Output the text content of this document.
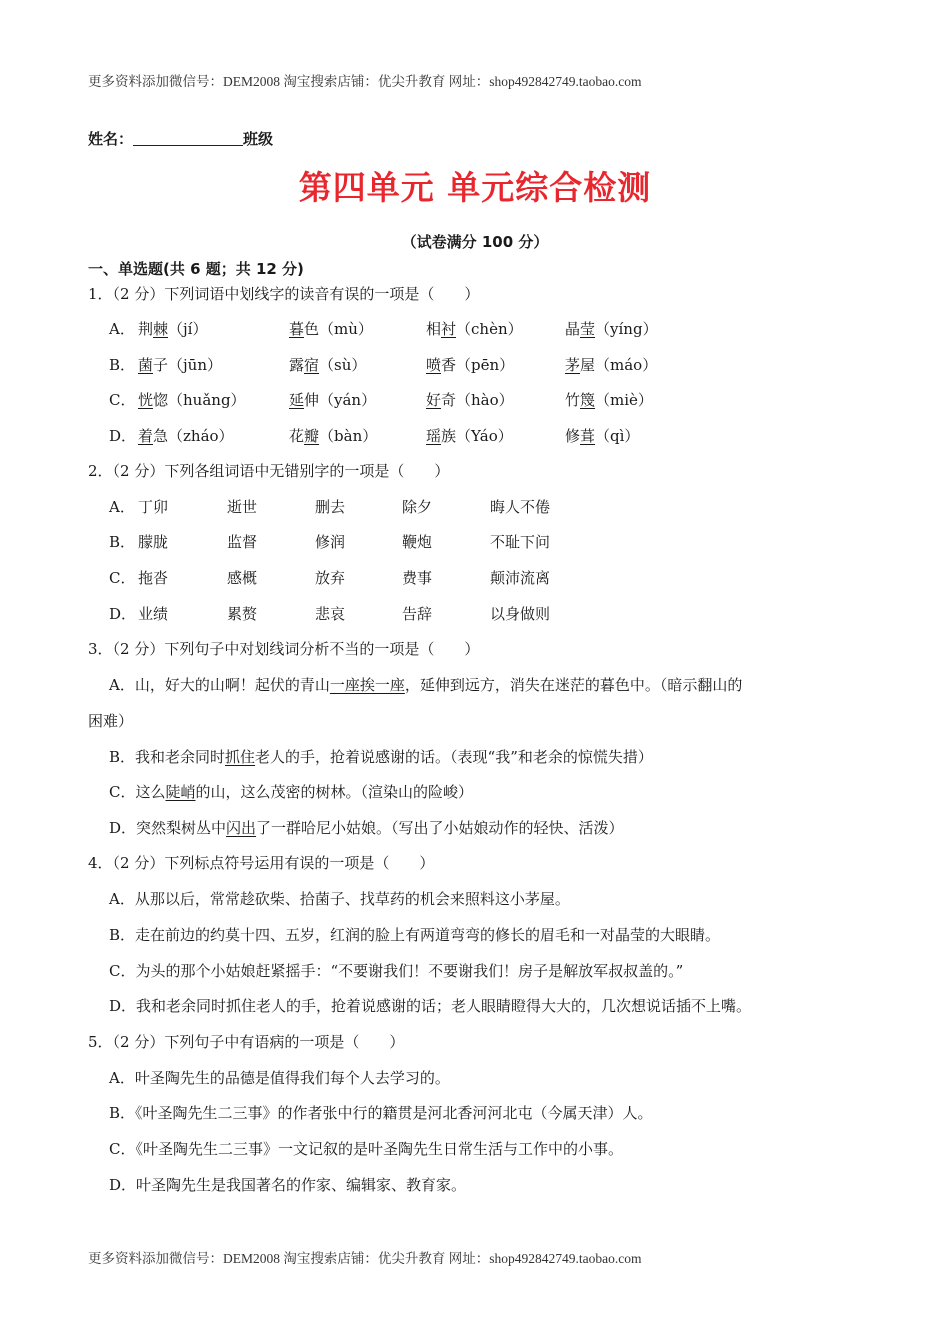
更多资料添加微信号：DEM2008 淘宝搜索店铺：优尖升教育 网址：shop492842749.taobao.com
姓名：	班级
第四单元 单元综合检测
（试卷满分 100 分）
一、单选题(共 6 题；共 12 分)
1．（2 分）下列词语中划线字的读音有误的一项是（　　）
A． 荆棘（jí）	暮色（mù）	相衬（chèn）	晶莹（yíng）
B． 菌子（jūn）	露宿（sù）	喷香（pēn）	茅屋（máo）
C． 恍惚（huǎng）	延伸（yán）	好奇（hào）	竹篾（miè）
D． 着急（zháo）	花瓣（bàn）	瑶族（Yáo）	修葺（qì）
2．（2 分）下列各组词语中无错别字的一项是（　　）
A． 丁卯	逝世	删去	除夕	晦人不倦
B． 朦胧	监督	修润	鞭炮	不耻下问
C． 拖沓	感概	放弃	费事	颠沛流离
D． 业绩	累赘	悲哀	告辞	以身做则
3．（2 分）下列句子中对划线词分析不当的一项是（　　）
A．山，好大的山啊！起伏的青山一座挨一座，延伸到远方，消失在迷茫的暮色中。（暗示翻山的
困难）
B．我和老余同时抓住老人的手，抢着说感谢的话。（表现“我”和老余的惊慌失措）
C．这么陡峭的山，这么茂密的树林。（渲染山的险峻）
D．突然梨树丛中闪出了一群哈尼小姑娘。（写出了小姑娘动作的轻快、活泼）
4．（2 分）下列标点符号运用有误的一项是（　　）
A．从那以后，常常趁砍柴、拾菌子、找草药的机会来照料这小茅屋。
B．走在前边的约莫十四、五岁，红润的脸上有两道弯弯的修长的眉毛和一对晶莹的大眼睛。
C．为头的那个小姑娘赶紧摇手：“不要谢我们！不要谢我们！房子是解放军叔叔盖的。”
D．我和老余同时抓住老人的手，抢着说感谢的话；老人眼睛瞪得大大的，几次想说话插不上嘴。
5．（2 分）下列句子中有语病的一项是（　　）
A．叶圣陶先生的品德是值得我们每个人去学习的。
B．《叶圣陶先生二三事》的作者张中行的籍贯是河北香河河北屯（今属天津）人。
C．《叶圣陶先生二三事》一文记叙的是叶圣陶先生日常生活与工作中的小事。
D．叶圣陶先生是我国著名的作家、编辑家、教育家。
更多资料添加微信号：DEM2008 淘宝搜索店铺：优尖升教育 网址：shop492842749.taobao.com
